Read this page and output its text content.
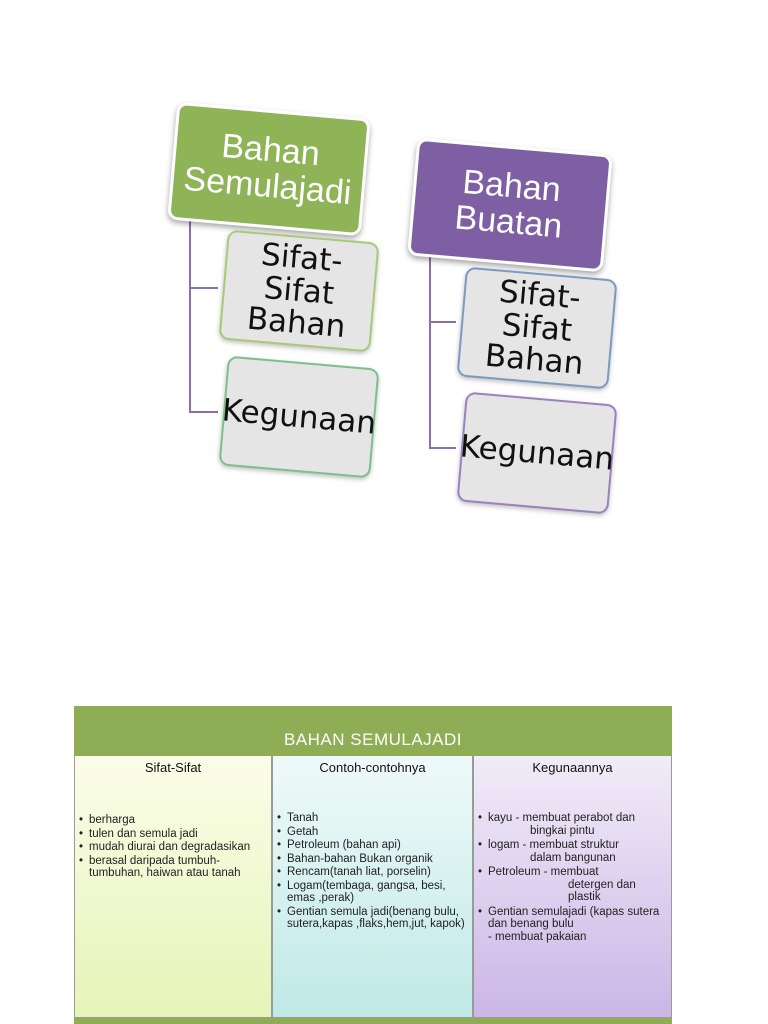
Bahan
Semulajadi
Sifat-Sifat
Bahan
Kegunaan
Bahan
Buatan
Sifat-Sifat
Bahan
Kegunaan
BAHAN SEMULAJADI
Sifat-Sifat
• berharga
• tulen dan semula jadi
• mudah diurai dan degradasikan
• berasal daripada tumbuh-tumbuhan, haiwan atau tanah
Contoh-contohnya
• Tanah
• Getah
• Petroleum (bahan api)
• Bahan-bahan Bukan organik
• Rencam(tanah liat, porselin)
• Logam(tembaga, gangsa, besi, emas ,perak)
• Gentian semula jadi(benang bulu, sutera,kapas ,flaks,hem,jut, kapok)
Kegunaannya
• kayu - membuat perabot dan
bingkai pintu
• logam - membuat struktur
dalam bangunan
• Petroleum - membuat
detergen dan
plastik
• Gentian semulajadi (kapas sutera dan benang bulu
- membuat pakaian
